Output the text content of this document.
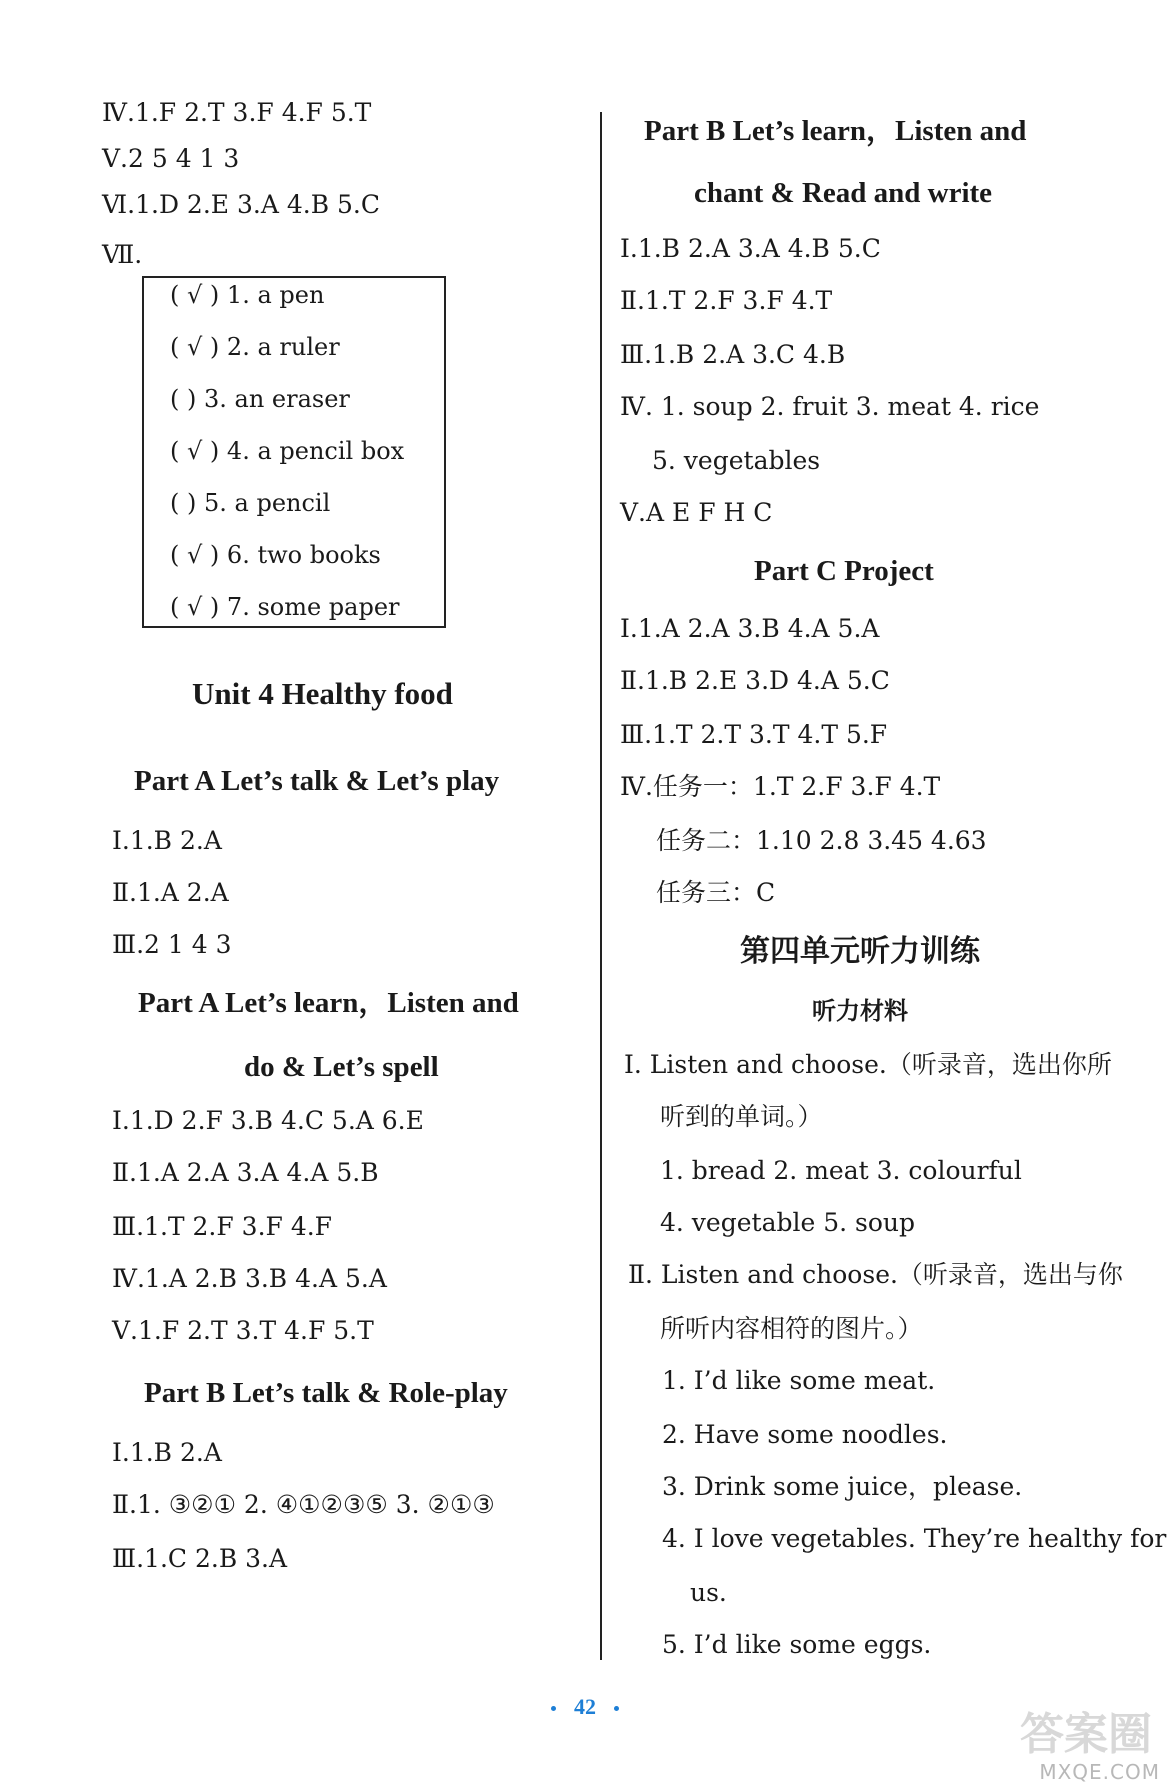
Ⅳ.1.F 2.T 3.F 4.F 5.T
Ⅴ.2 5 4 1 3
Ⅵ.1.D 2.E 3.A 4.B 5.C
Ⅶ.
( √ ) 1. a pen
( √ ) 2. a ruler
( ) 3. an eraser
( √ ) 4. a pencil box
( ) 5. a pencil
( √ ) 6. two books
( √ ) 7. some paper
Unit 4 Healthy food
Part A Let’s talk & Let’s play
Ⅰ.1.B 2.A
Ⅱ.1.A 2.A
Ⅲ.2 1 4 3
Part A Let’s learn，Listen and
do & Let’s spell
Ⅰ.1.D 2.F 3.B 4.C 5.A 6.E
Ⅱ.1.A 2.A 3.A 4.A 5.B
Ⅲ.1.T 2.F 3.F 4.F
Ⅳ.1.A 2.B 3.B 4.A 5.A
Ⅴ.1.F 2.T 3.T 4.F 5.T
Part B Let’s talk & Role-play
Ⅰ.1.B 2.A
Ⅱ.1. ③②① 2. ④①②③⑤ 3. ②①③
Ⅲ.1.C 2.B 3.A
Part B Let’s learn，Listen and
chant & Read and write
Ⅰ.1.B 2.A 3.A 4.B 5.C
Ⅱ.1.T 2.F 3.F 4.T
Ⅲ.1.B 2.A 3.C 4.B
Ⅳ. 1. soup 2. fruit 3. meat 4. rice
5. vegetables
Ⅴ.A E F H C
Part C Project
Ⅰ.1.A 2.A 3.B 4.A 5.A
Ⅱ.1.B 2.E 3.D 4.A 5.C
Ⅲ.1.T 2.T 3.T 4.T 5.F
Ⅳ.任务一：1.T 2.F 3.F 4.T
任务二：1.10 2.8 3.45 4.63
任务三：C
第四单元听力训练
听力材料
Ⅰ. Listen and choose.（听录音，选出你所
听到的单词。）
1. bread 2. meat 3. colourful
4. vegetable 5. soup
Ⅱ. Listen and choose.（听录音，选出与你
所听内容相符的图片。）
1. I’d like some meat.
2. Have some noodles.
3. Drink some juice，please.
4. I love vegetables. They’re healthy for
us.
5. I’d like some eggs.
42
答案圈
MXQE.COM
